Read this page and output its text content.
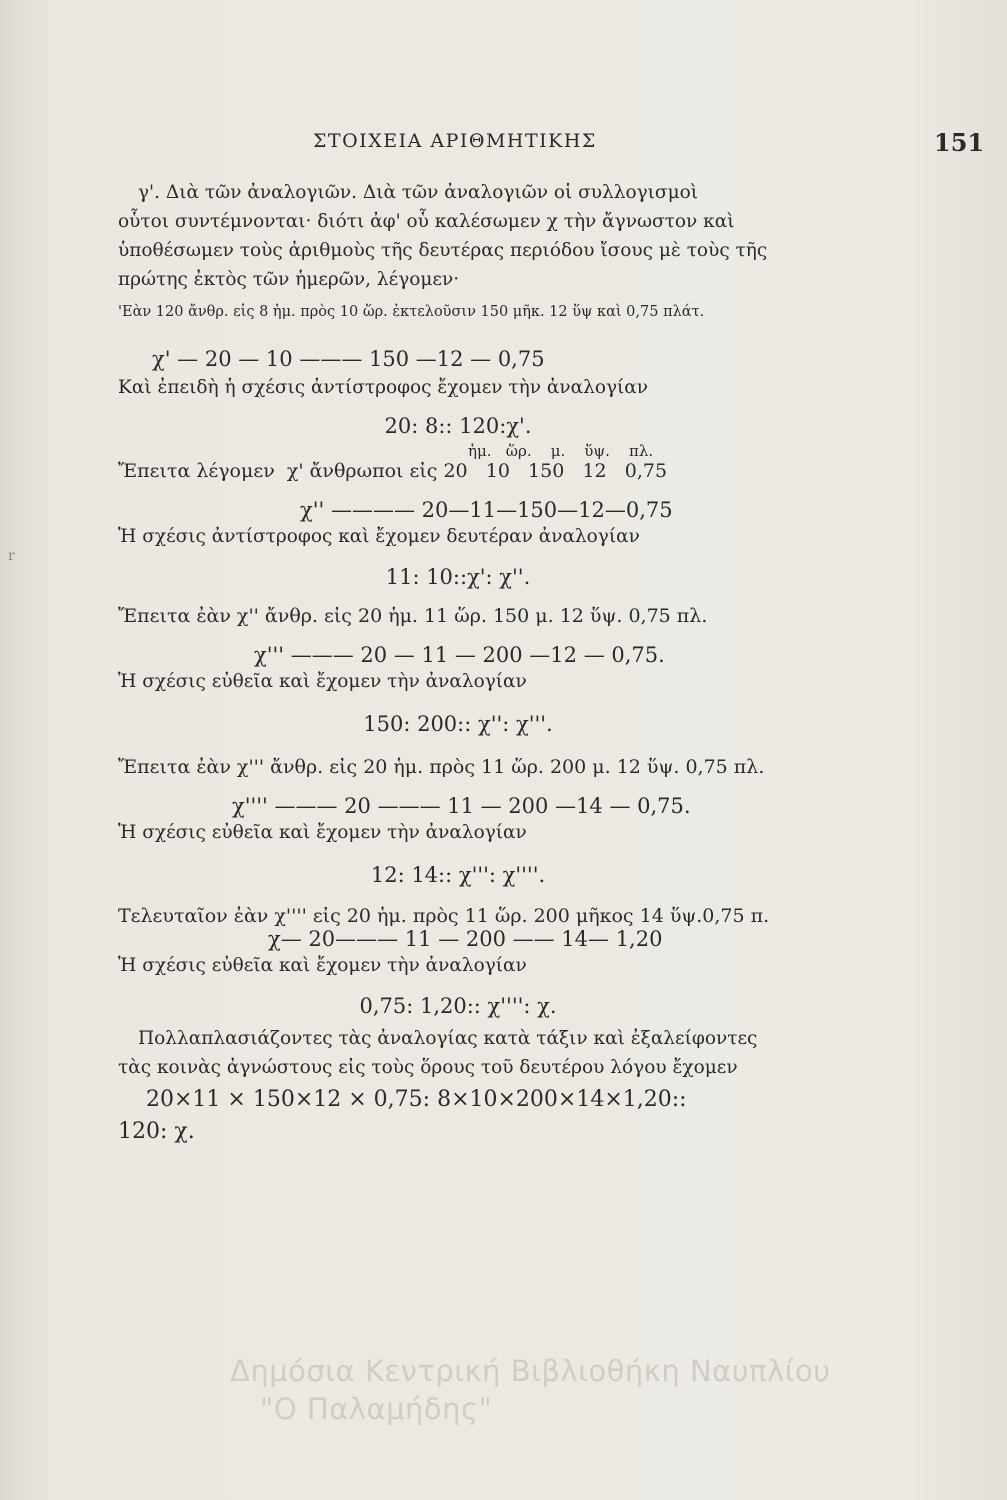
ΣΤΟΙΧΕΙΑ ΑΡΙΘΜΗΤΙΚΗΣ	151
r

γ'. Διὰ τῶν ἀναλογιῶν. Διὰ τῶν ἀναλογιῶν οἱ συλλογισμοὶ

οὗτοι συντέμνονται· διότι ἀφ' οὗ καλέσωμεν χ τὴν ἄγνωστον καὶ

ὑποθέσωμεν τοὺς ἀριθμοὺς τῆς δευτέρας περιόδου ἴσους μὲ τοὺς τῆς

πρώτης ἐκτὸς τῶν ἡμερῶν, λέγομεν·

'Εὰν 120 ἄνθρ. εἰς 8 ἡμ. πρὸς 10 ὥρ. ἐκτελοῦσιν 150 μῆκ. 12 ὕψ καὶ 0,75 πλάτ.

χ' — 20 — 10 ——— 150 —12 — 0,75

Καὶ ἐπειδὴ ἡ σχέσις ἀντίστροφος ἔχομεν τὴν ἀναλογίαν

20: 8:: 120:χ'.

ἡμ.   ὥρ.    μ.    ὕψ.    πλ.

Ἔπειτα λέγομεν  χ' ἄνθρωποι εἰς 20   10   150   12   0,75

χ'' ———— 20—11—150—12—0,75

Ἡ σχέσις ἀντίστροφος καὶ ἔχομεν δευτέραν ἀναλογίαν

11: 10::χ': χ''.

Ἔπειτα ἐὰν χ'' ἄνθρ. εἰς 20 ἡμ. 11 ὥρ. 150 μ. 12 ὕψ. 0,75 πλ.

χ''' ——— 20 — 11 — 200 —12 — 0,75.

Ἡ σχέσις εὐθεῖα καὶ ἔχομεν τὴν ἀναλογίαν

150: 200:: χ'': χ'''.

Ἔπειτα ἐὰν χ''' ἄνθρ. εἰς 20 ἡμ. πρὸς 11 ὥρ. 200 μ. 12 ὕψ. 0,75 πλ.

χ'''' ——— 20 ——— 11 — 200 —14 — 0,75.

Ἡ σχέσις εὐθεῖα καὶ ἔχομεν τὴν ἀναλογίαν

12: 14:: χ''': χ''''.

Τελευταῖον ἐὰν χ'''' εἰς 20 ἡμ. πρὸς 11 ὥρ. 200 μῆκος 14 ὕψ.0,75 π.

χ— 20——— 11 — 200 —— 14— 1,20

Ἡ σχέσις εὐθεῖα καὶ ἔχομεν τὴν ἀναλογίαν

0,75: 1,20:: χ'''': χ.

Πολλαπλασιάζοντες τὰς ἀναλογίας κατὰ τάξιν καὶ ἐξαλείφοντες

τὰς κοινὰς ἀγνώστους εἰς τοὺς ὅρους τοῦ δευτέρου λόγου ἔχομεν

20×11 × 150×12 × 0,75: 8×10×200×14×1,20::

120: χ.

Δημόσια Κεντρική Βιβλιοθήκη Ναυπλίου
"Ο Παλαμήδης"
